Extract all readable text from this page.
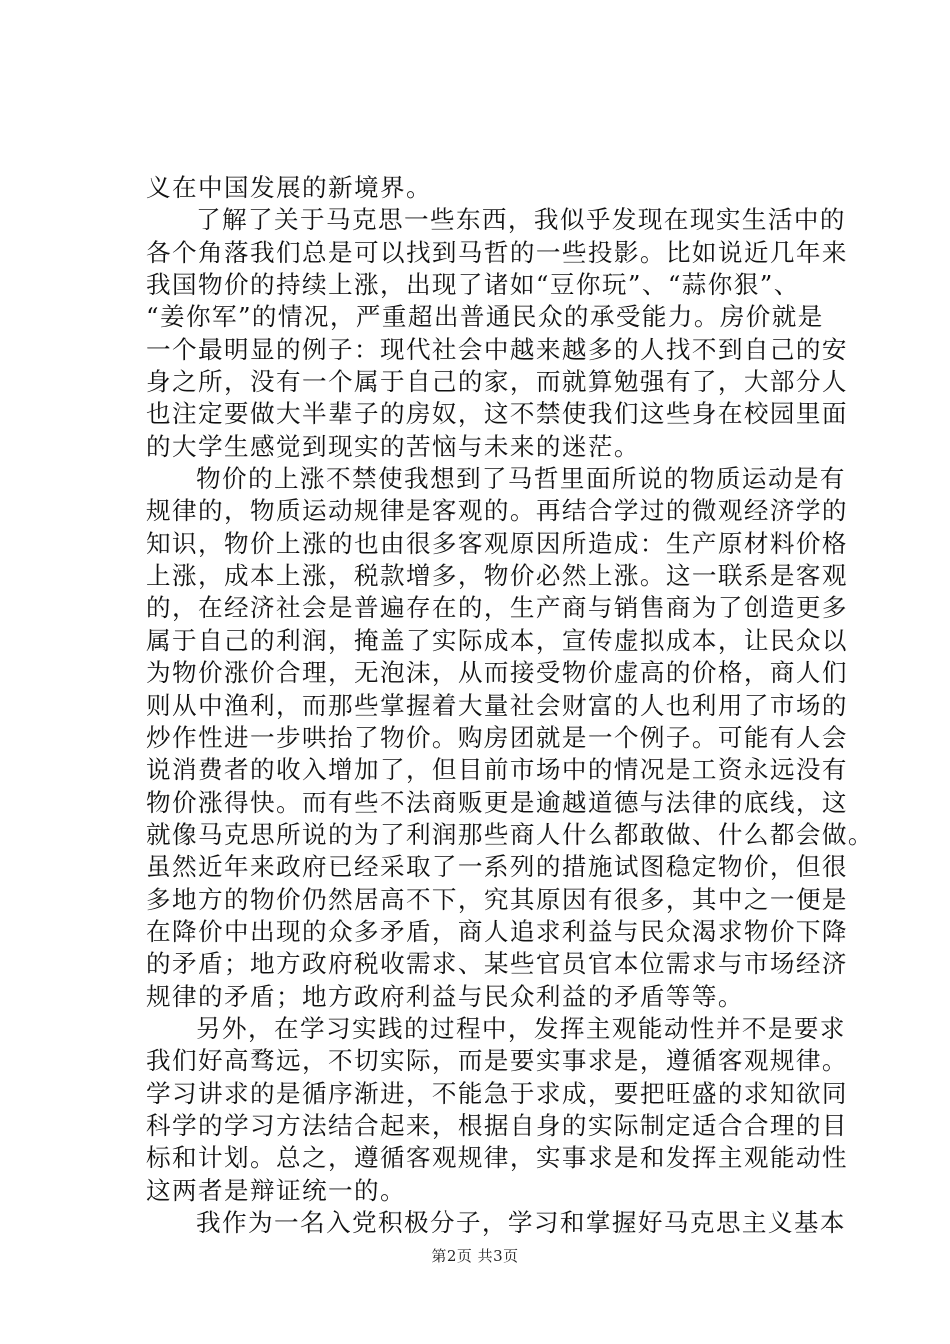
义在中国发展的新境界。
了解了关于马克思一些东西，我似乎发现在现实生活中的
各个角落我们总是可以找到马哲的一些投影。比如说近几年来
我国物价的持续上涨，出现了诸如“豆你玩”、“蒜你狠”、
“姜你军”的情况，严重超出普通民众的承受能力。房价就是
一个最明显的例子：现代社会中越来越多的人找不到自己的安
身之所，没有一个属于自己的家，而就算勉强有了，大部分人
也注定要做大半辈子的房奴，这不禁使我们这些身在校园里面
的大学生感觉到现实的苦恼与未来的迷茫。
物价的上涨不禁使我想到了马哲里面所说的物质运动是有
规律的，物质运动规律是客观的。再结合学过的微观经济学的
知识，物价上涨的也由很多客观原因所造成：生产原材料价格
上涨，成本上涨，税款增多，物价必然上涨。这一联系是客观
的，在经济社会是普遍存在的，生产商与销售商为了创造更多
属于自己的利润，掩盖了实际成本，宣传虚拟成本，让民众以
为物价涨价合理，无泡沫，从而接受物价虚高的价格，商人们
则从中渔利，而那些掌握着大量社会财富的人也利用了市场的
炒作性进一步哄抬了物价。购房团就是一个例子。可能有人会
说消费者的收入增加了，但目前市场中的情况是工资永远没有
物价涨得快。而有些不法商贩更是逾越道德与法律的底线，这
就像马克思所说的为了利润那些商人什么都敢做、什么都会做。
虽然近年来政府已经采取了一系列的措施试图稳定物价，但很
多地方的物价仍然居高不下，究其原因有很多，其中之一便是
在降价中出现的众多矛盾，商人追求利益与民众渴求物价下降
的矛盾；地方政府税收需求、某些官员官本位需求与市场经济
规律的矛盾；地方政府利益与民众利益的矛盾等等。
另外，在学习实践的过程中，发挥主观能动性并不是要求
我们好高骛远，不切实际，而是要实事求是，遵循客观规律。
学习讲求的是循序渐进，不能急于求成，要把旺盛的求知欲同
科学的学习方法结合起来，根据自身的实际制定适合合理的目
标和计划。总之，遵循客观规律，实事求是和发挥主观能动性
这两者是辩证统一的。
我作为一名入党积极分子，学习和掌握好马克思主义基本
第2页 共3页
